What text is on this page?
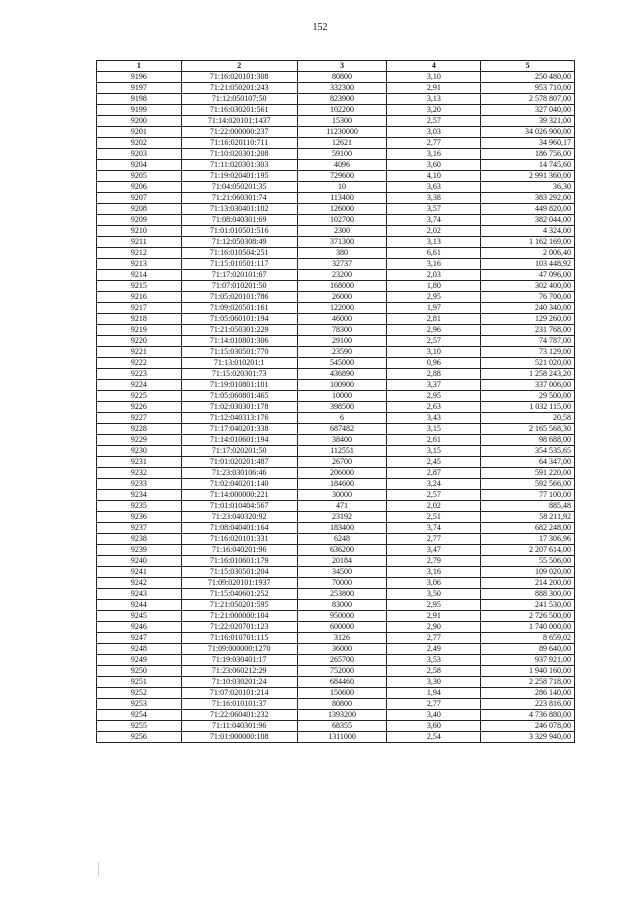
152
1	2	3	4	5
9196	71:16:020101:308	80800	3,10	250 480,00
9197	71:21:050201:243	332300	2,91	953 710,00
9198	71:12:050107:50	823900	3,13	2 578 807,00
9199	71:16:030201:561	102200	3,20	327 040,00
9200	71:14:020101:1437	15300	2,57	39 321,00
9201	71:22:000000:237	11230000	3,03	34 026 900,00
9202	71:16:020110:711	12621	2,77	34 960,17
9203	71:10:020301:208	59100	3,16	186 756,00
9204	71:11:020301:303	4096	3,60	14 745,60
9205	71:19:020401:195	729600	4,10	2 991 360,00
9206	71:04:050201:35	10	3,63	36,30
9207	71:21:060301:74	113400	3,38	383 292,00
9208	71:13:030401:102	126000	3,57	449 820,00
9209	71:08:040301:69	102700	3,74	382 044,00
9210	71:01:010501:516	2300	2,02	4 324,00
9211	71:12:050308:49	371300	3,13	1 162 169,00
9212	71:16:010504:251	380	6,61	2 006,40
9213	71:15:010501:117	32737	3,16	103 448,92
9214	71:17:020101:67	23200	2,03	47 096,00
9215	71:07:010201:50	168000	1,80	302 400,00
9216	71:05:020101:786	26000	2,95	76 700,00
9217	71:09:020501:161	122000	1,97	240 340,00
9218	71:05:060101:194	46000	2,81	129 260,00
9219	71:21:050301:229	78300	2,96	231 768,00
9220	71:14:010801:306	29100	2,57	74 787,00
9221	71:15:030501:770	23590	3,10	73 129,00
9222	71:13:010201:1	545000	0,96	521 020,00
9223	71:15:020301:73	436890	2,88	1 258 243,20
9224	71:19:010801:101	100900	3,37	337 006,00
9225	71:05:060801:465	10000	2,95	29 500,00
9226	71:02:030301:178	398500	2,63	1 032 115,00
9227	71:12:040313:176	6	3,43	20,58
9228	71:17:040201:338	687482	3,15	2 165 568,30
9229	71:14:010601:194	38400	2,61	98 688,00
9230	71:17:020201:50	112551	3,15	354 535,65
9231	71:01:020201:487	26700	2,45	64 347,00
9232	71:23:030106:46	206000	2,87	591 220,00
9233	71:02:040201:140	184600	3,24	592 566,00
9234	71:14:000000:221	30000	2,57	77 100,00
9235	71:01:010404:567	471	2,02	885,48
9236	71:23:040320:92	23192	2,51	58 211,92
9237	71:08:040401:164	183400	3,74	682 248,00
9238	71:16:020101:331	6248	2,77	17 306,96
9239	71:16:040201:96	636200	3,47	2 207 614,00
9240	71:16:010601:179	20184	2,79	55 506,00
9241	71:15:030501:204	34500	3,16	109 020,00
9242	71:09:020101:1937	70000	3,06	214 200,00
9243	71:15:040601:252	253800	3,50	888 300,00
9244	71:21:050201:595	83000	2,95	241 530,00
9245	71:21:000000:104	950000	2,91	2 726 500,00
9246	71:22:020701:123	600000	2,90	1 740 000,00
9247	71:16:010701:115	3126	2,77	8 659,02
9248	71:09:000000:1270	36000	2,49	89 640,00
9249	71:19:030401:17	265700	3,53	937 921,00
9250	71:23:060212:29	752000	2,58	1 940 160,00
9251	71:10:030201:24	684460	3,30	2 258 718,00
9252	71:07:020101:214	150600	1,94	286 140,00
9253	71:16:010101:37	80800	2,77	223 816,00
9254	71:22:060401:232	1393200	3,40	4 736 880,00
9255	71:11:040301:96	68355	3,60	246 078,00
9256	71:01:000000:108	1311000	2,54	3 329 940,00
